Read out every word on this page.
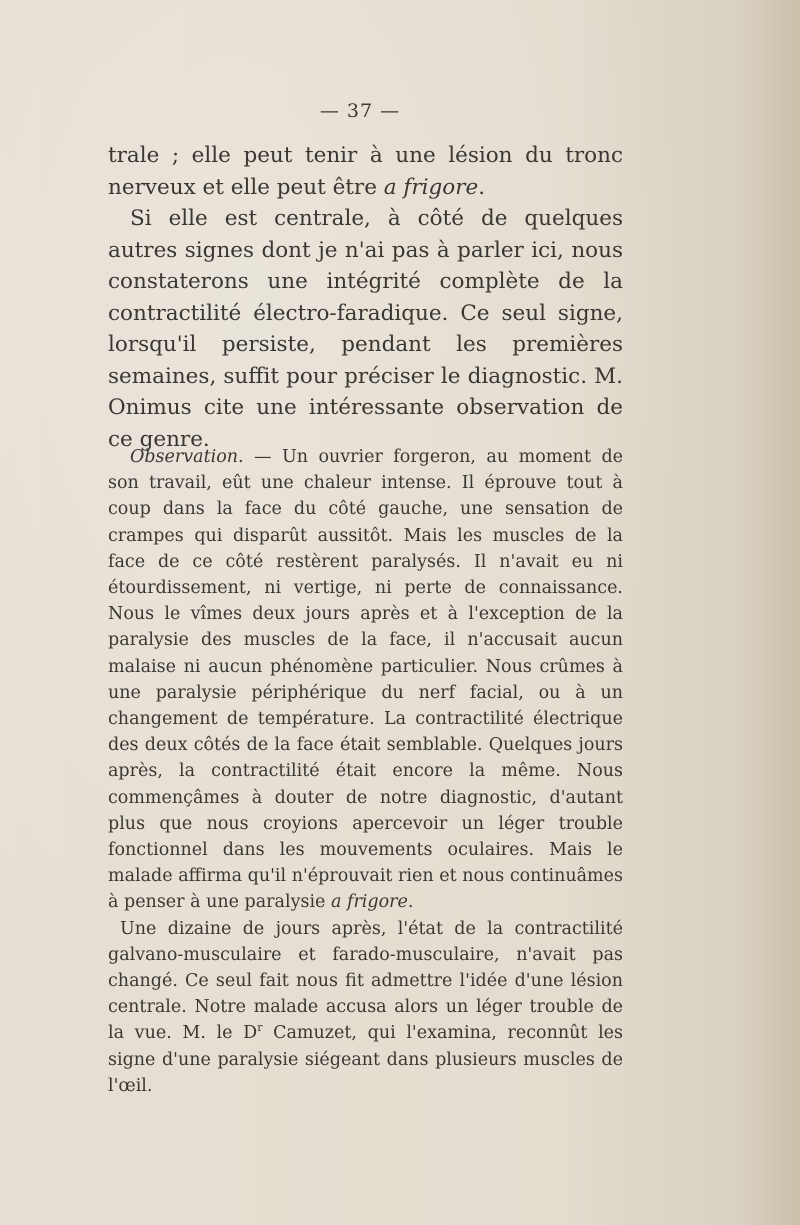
— 37 —

trale ; elle peut tenir à une lésion du tronc nerveux et elle peut être a frigore.

Si elle est centrale, à côté de quelques autres signes dont je n'ai pas à parler ici, nous constaterons une intégrité complète de la contractilité électro-faradique. Ce seul signe, lorsqu'il persiste, pendant les premières semaines, suffit pour préciser le diagnostic. M. Onimus cite une intéressante observation de ce genre.

Observation. — Un ouvrier forgeron, au moment de son travail, eût une chaleur intense. Il éprouve tout à coup dans la face du côté gauche, une sensation de crampes qui disparût aussitôt. Mais les muscles de la face de ce côté restèrent paralysés. Il n'avait eu ni étourdissement, ni vertige, ni perte de connaissance. Nous le vîmes deux jours après et à l'exception de la paralysie des muscles de la face, il n'accusait aucun malaise ni aucun phénomène particulier. Nous crûmes à une paralysie périphérique du nerf facial, ou à un changement de température. La contractilité électrique des deux côtés de la face était semblable. Quelques jours après, la contractilité était encore la même. Nous commençâmes à douter de notre diagnostic, d'autant plus que nous croyions apercevoir un léger trouble fonctionnel dans les mouvements oculaires. Mais le malade affirma qu'il n'éprouvait rien et nous continuâmes à penser à une paralysie a frigore.

Une dizaine de jours après, l'état de la contractilité galvano-musculaire et farado-musculaire, n'avait pas changé. Ce seul fait nous fit admettre l'idée d'une lésion centrale. Notre malade accusa alors un léger trouble de la vue. M. le $D^r$ Camuzet, qui l'examina, reconnût les signe d'une paralysie siégeant dans plusieurs muscles de l'œil.
